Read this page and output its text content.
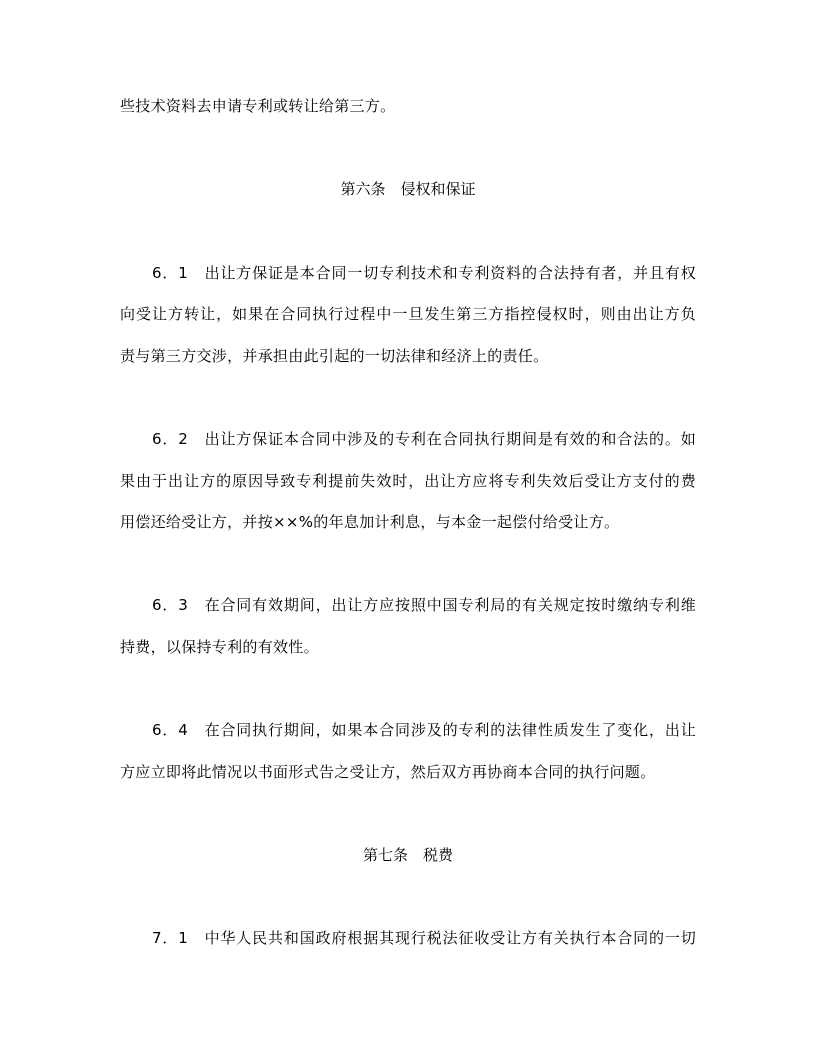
些技术资料去申请专利或转让给第三方。
第六条　侵权和保证
6．1　出让方保证是本合同一切专利技术和专利资料的合法持有者，并且有权
向受让方转让，如果在合同执行过程中一旦发生第三方指控侵权时，则由出让方负
责与第三方交涉，并承担由此引起的一切法律和经济上的责任。
6．2　出让方保证本合同中涉及的专利在合同执行期间是有效的和合法的。如
果由于出让方的原因导致专利提前失效时，出让方应将专利失效后受让方支付的费
用偿还给受让方，并按××%的年息加计利息，与本金一起偿付给受让方。
6．3　在合同有效期间，出让方应按照中国专利局的有关规定按时缴纳专利维
持费，以保持专利的有效性。
6．4　在合同执行期间，如果本合同涉及的专利的法律性质发生了变化，出让
方应立即将此情况以书面形式告之受让方，然后双方再协商本合同的执行问题。
第七条　税费
7．1　中华人民共和国政府根据其现行税法征收受让方有关执行本合同的一切
